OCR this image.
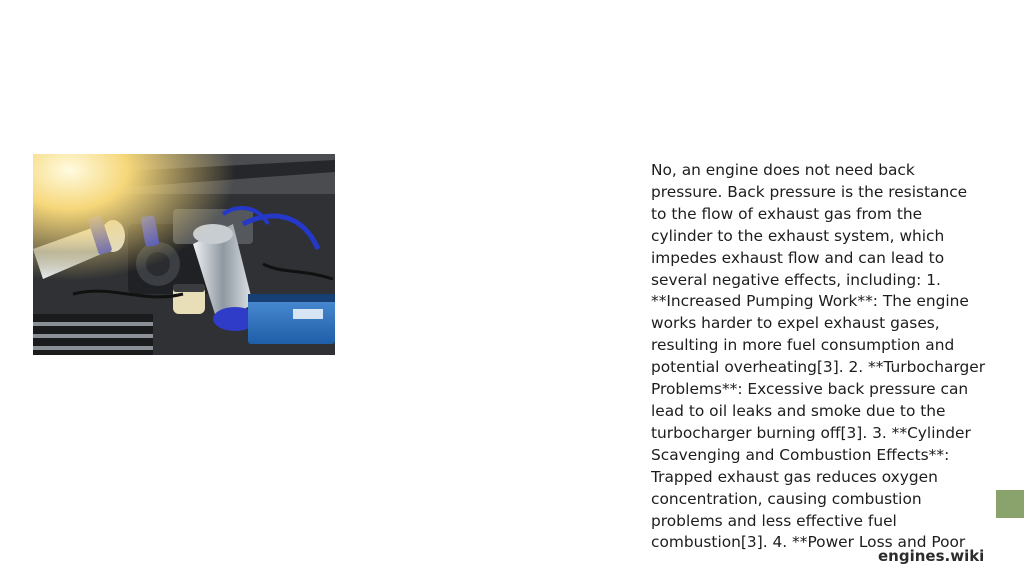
No, an engine does not need back pressure. Back pressure is the resistance to the flow of exhaust gas from the cylinder to the exhaust system, which impedes exhaust flow and can lead to several negative effects, including: 1. **Increased Pumping Work**: The engine works harder to expel exhaust gases, resulting in more fuel consumption and potential overheating[3]. 2. **Turbocharger Problems**: Excessive back pressure can lead to oil leaks and smoke due to the turbocharger burning off[3]. 3. **Cylinder Scavenging and Combustion Effects**: Trapped exhaust gas reduces oxygen concentration, causing combustion problems and less effective fuel combustion[3]. 4. **Power Loss and Poor

engines.wiki
